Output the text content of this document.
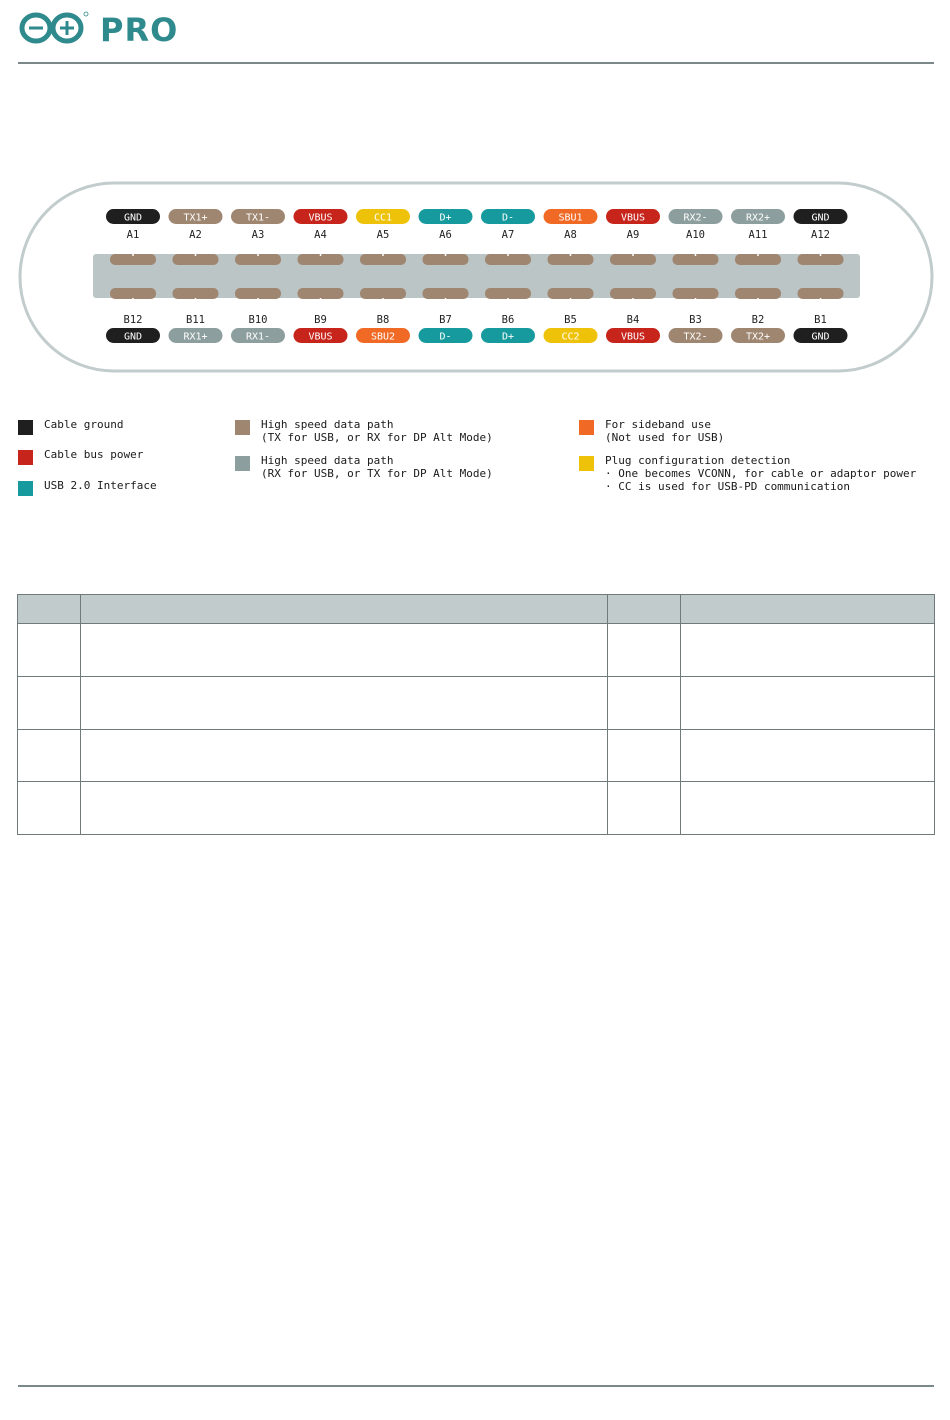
PRO
GND
A1
TX1+
A2
TX1-
A3
VBUS
A4
CC1
A5
D+
A6
D-
A7
SBU1
A8
VBUS
A9
RX2-
A10
RX2+
A11
GND
A12
GND
B12
RX1+
B11
RX1-
B10
VBUS
B9
SBU2
B8
D-
B7
D+
B6
CC2
B5
VBUS
B4
TX2-
B3
TX2+
B2
GND
B1
Cable ground
Cable bus power
USB 2.0 Interface
High speed data path
(TX for USB, or RX for DP Alt Mode)
High speed data path
(RX for USB, or TX for DP Alt Mode)
For sideband use
(Not used for USB)
Plug configuration detection
· One becomes VCONN, for cable or adaptor power
· CC is used for USB-PD communication
